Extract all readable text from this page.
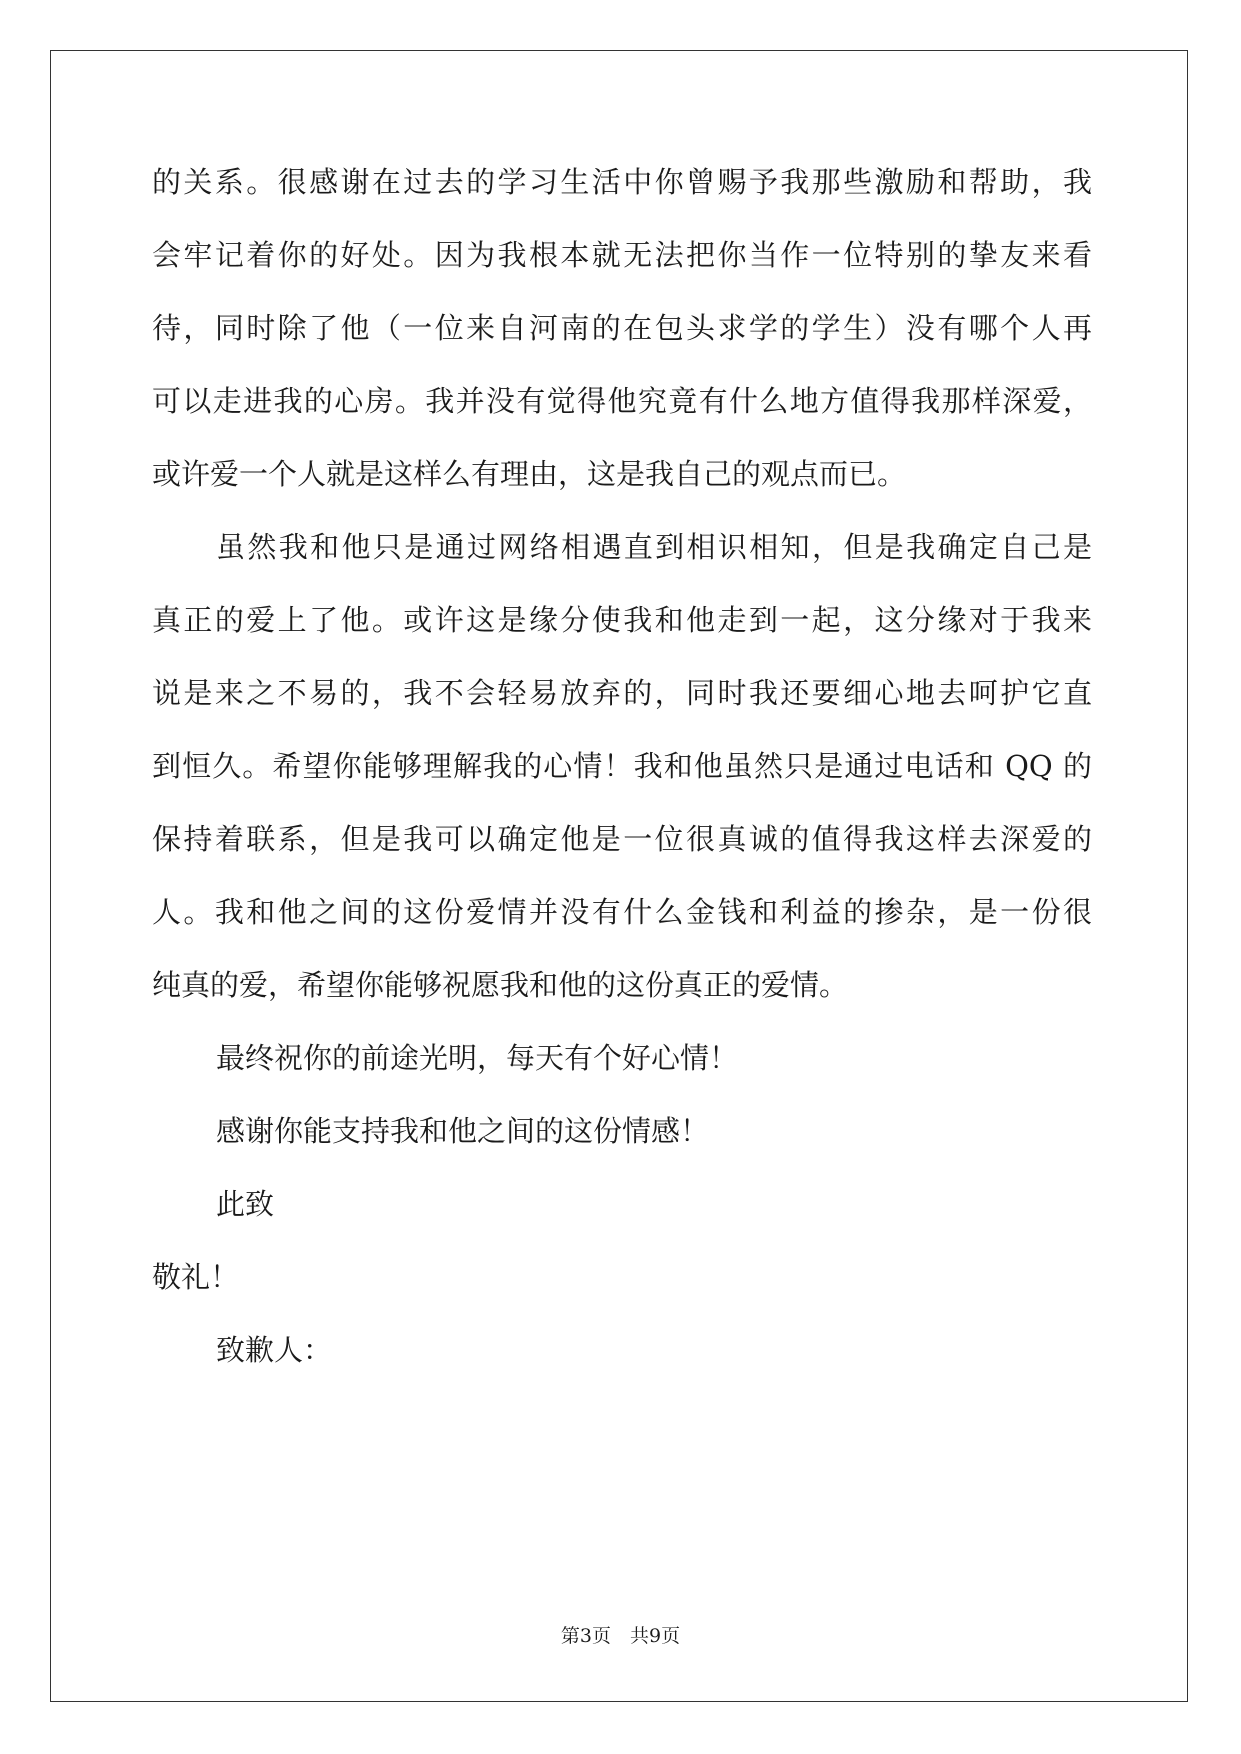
的关系。很感谢在过去的学习生活中你曾赐予我那些激励和帮助，我
会牢记着你的好处。因为我根本就无法把你当作一位特别的挚友来看
待，同时除了他（一位来自河南的在包头求学的学生）没有哪个人再
可以走进我的心房。我并没有觉得他究竟有什么地方值得我那样深爱，
或许爱一个人就是这样么有理由，这是我自己的观点而已。
虽然我和他只是通过网络相遇直到相识相知，但是我确定自己是
真正的爱上了他。或许这是缘分使我和他走到一起，这分缘对于我来
说是来之不易的，我不会轻易放弃的，同时我还要细心地去呵护它直
到恒久。希望你能够理解我的心情！我和他虽然只是通过电话和 QQ 的
保持着联系，但是我可以确定他是一位很真诚的值得我这样去深爱的
人。我和他之间的这份爱情并没有什么金钱和利益的掺杂，是一份很
纯真的爱，希望你能够祝愿我和他的这份真正的爱情。
最终祝你的前途光明，每天有个好心情！
感谢你能支持我和他之间的这份情感！
此致
敬礼！
致歉人：
第3页　共9页
